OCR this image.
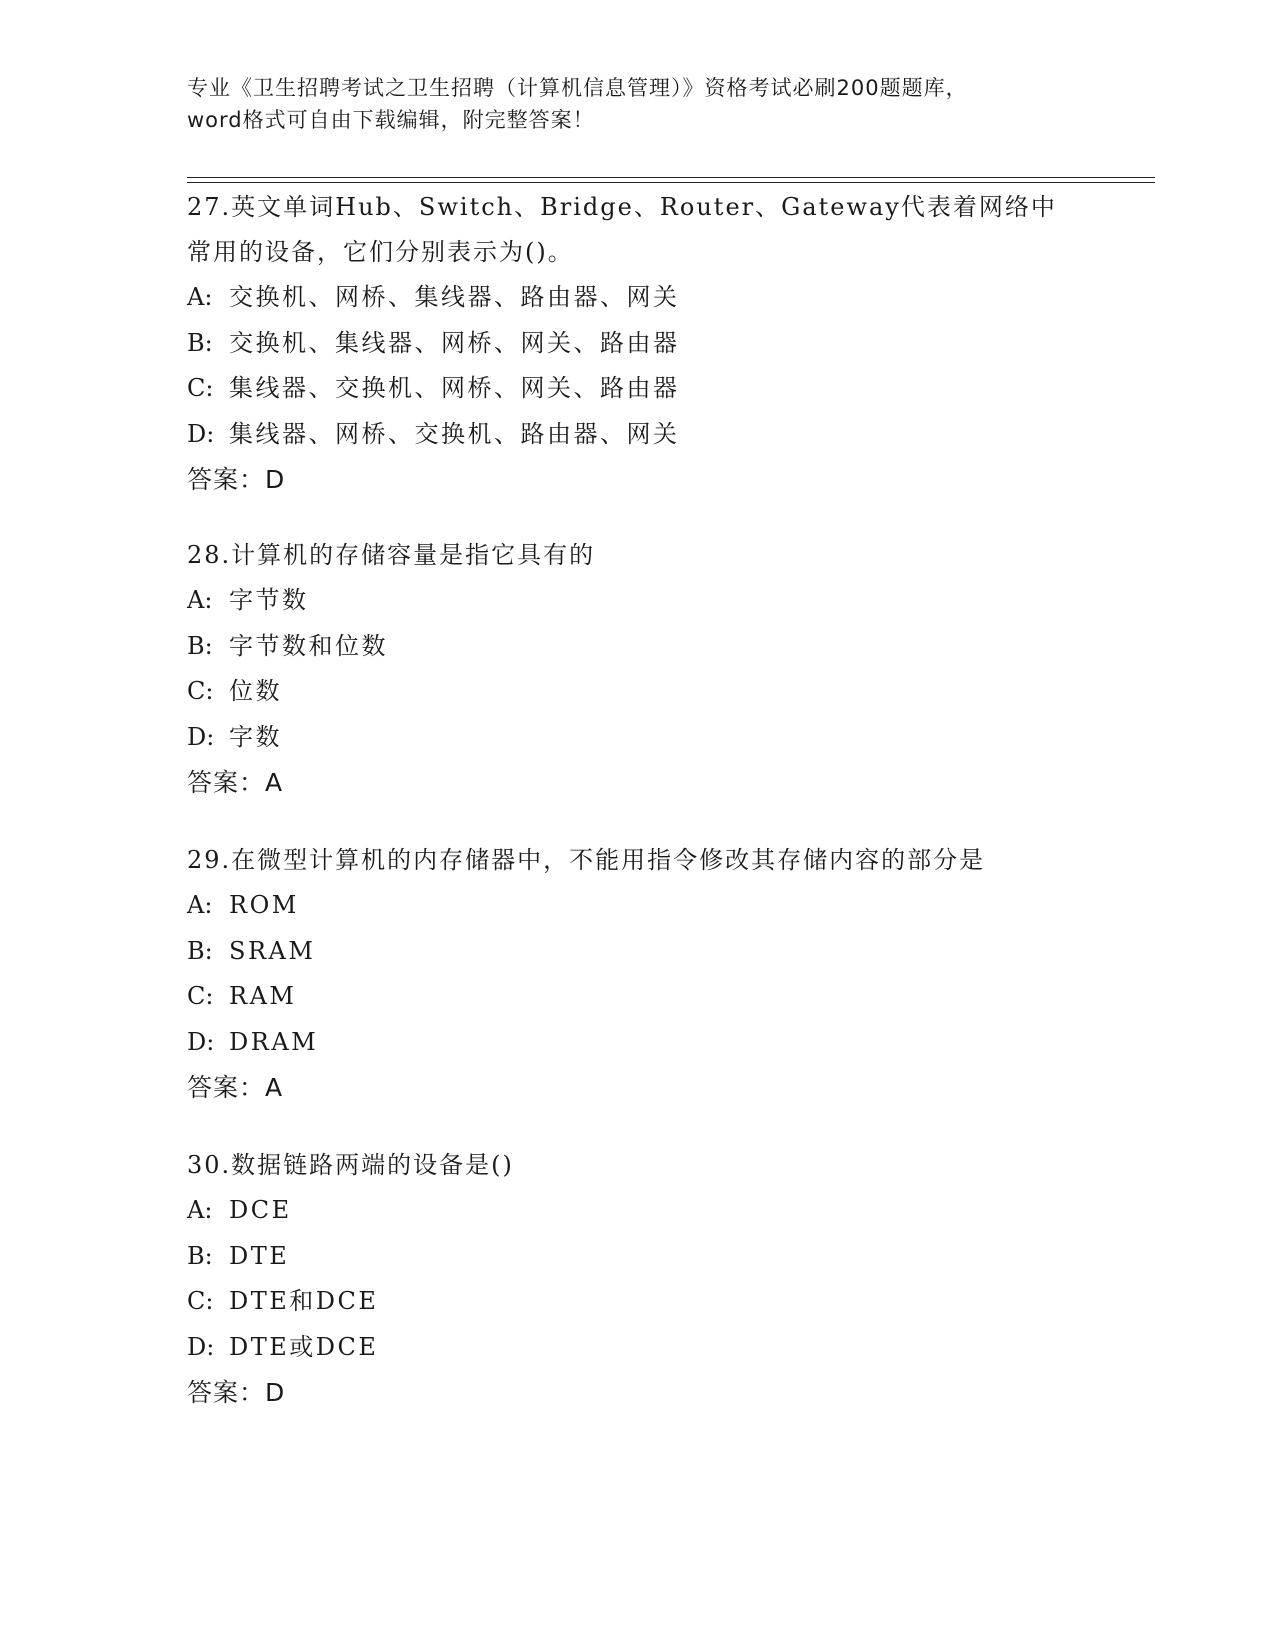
专业《卫生招聘考试之卫生招聘（计算机信息管理）》资格考试必刷200题题库，
word格式可自由下载编辑，附完整答案！
27.英文单词Hub、Switch、Bridge、Router、Gateway代表着网络中
常用的设备，它们分别表示为()。
A: 交换机、网桥、集线器、路由器、网关
B: 交换机、集线器、网桥、网关、路由器
C: 集线器、交换机、网桥、网关、路由器
D: 集线器、网桥、交换机、路由器、网关
答案：D
28.计算机的存储容量是指它具有的
A: 字节数
B: 字节数和位数
C: 位数
D: 字数
答案：A
29.在微型计算机的内存储器中，不能用指令修改其存储内容的部分是
A: ROM
B: SRAM
C: RAM
D: DRAM
答案：A
30.数据链路两端的设备是()
A: DCE
B: DTE
C: DTE和DCE
D: DTE或DCE
答案：D
